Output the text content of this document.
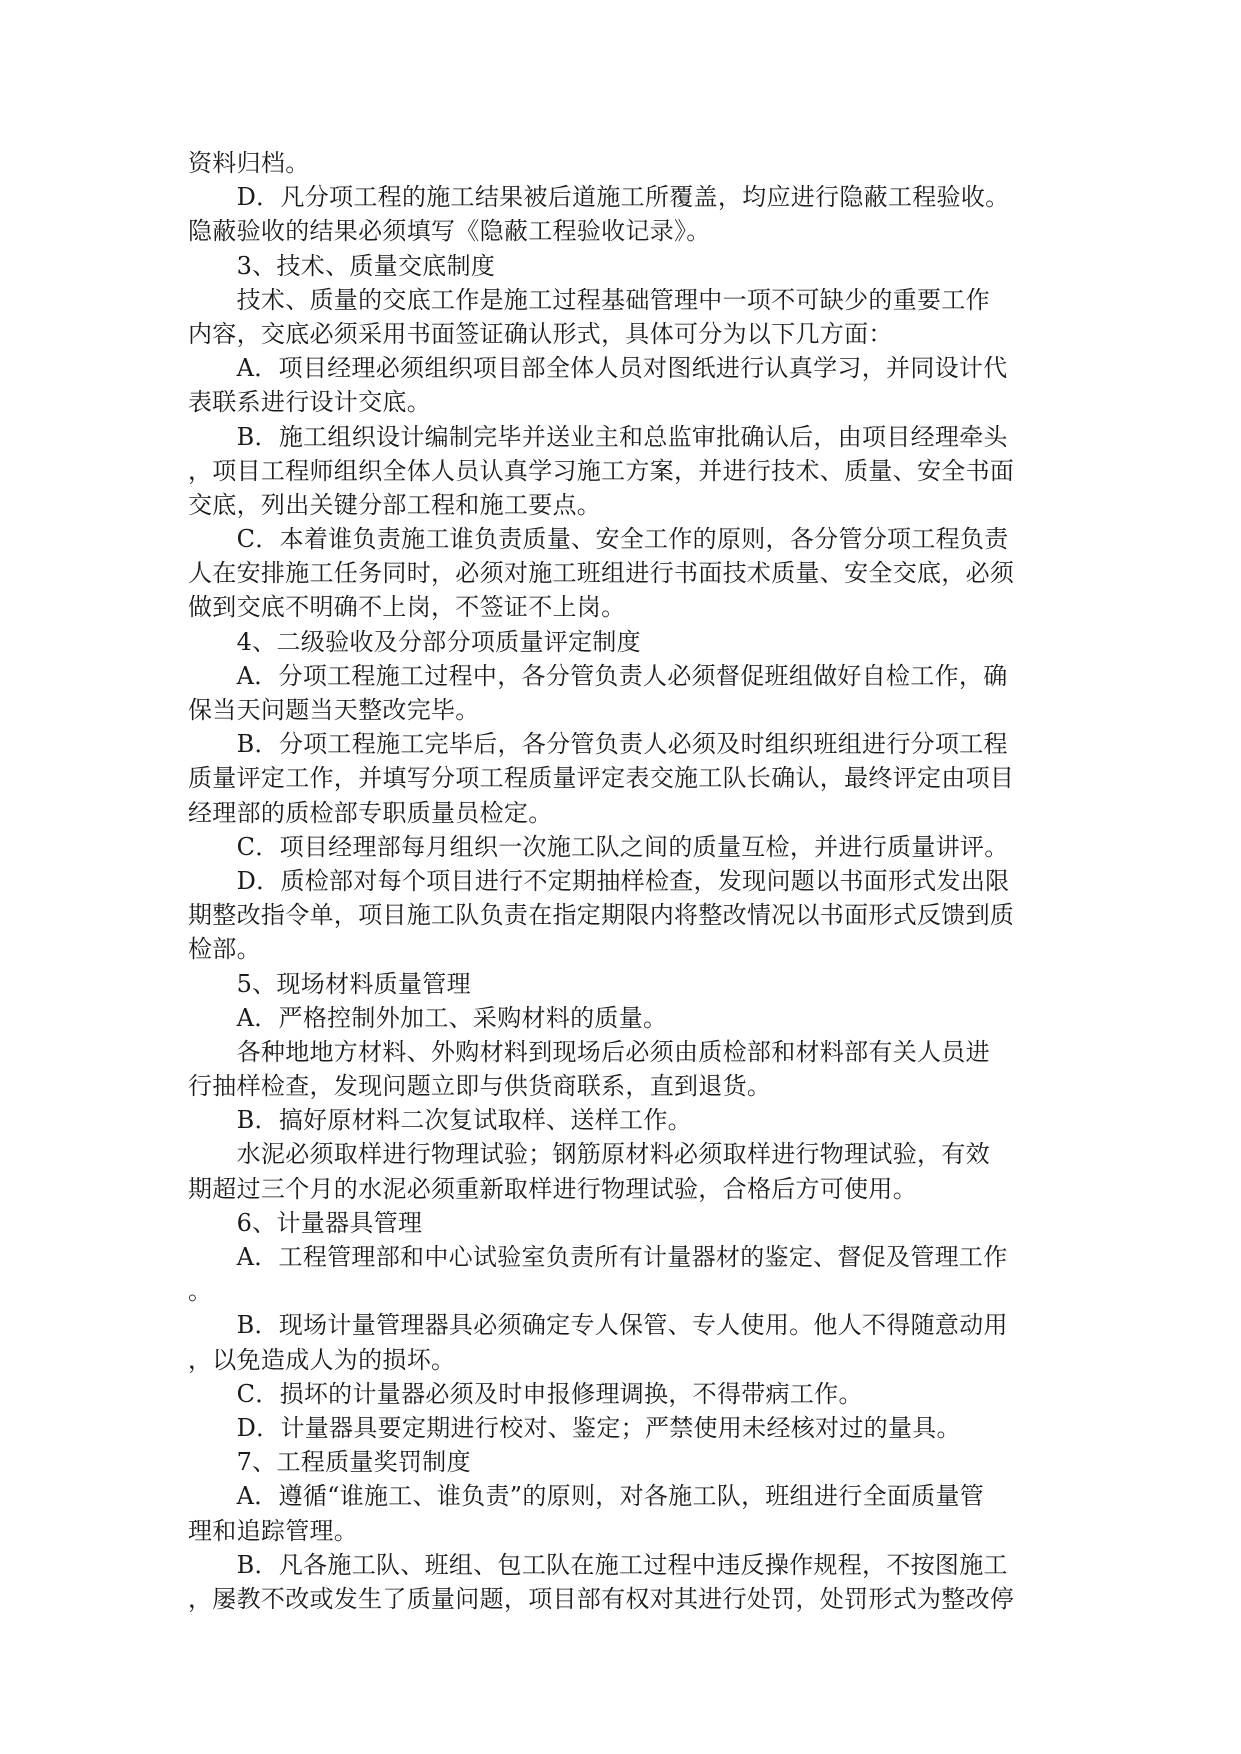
资料归档。
　　D．凡分项工程的施工结果被后道施工所覆盖，均应进行隐蔽工程验收。
隐蔽验收的结果必须填写《隐蔽工程验收记录》。
　　3、技术、质量交底制度
　　技术、质量的交底工作是施工过程基础管理中一项不可缺少的重要工作
内容，交底必须采用书面签证确认形式，具体可分为以下几方面：
　　A．项目经理必须组织项目部全体人员对图纸进行认真学习，并同设计代
表联系进行设计交底。
　　B．施工组织设计编制完毕并送业主和总监审批确认后，由项目经理牵头
，项目工程师组织全体人员认真学习施工方案，并进行技术、质量、安全书面
交底，列出关键分部工程和施工要点。
　　C．本着谁负责施工谁负责质量、安全工作的原则，各分管分项工程负责
人在安排施工任务同时，必须对施工班组进行书面技术质量、安全交底，必须
做到交底不明确不上岗，不签证不上岗。
　　4、二级验收及分部分项质量评定制度
　　A．分项工程施工过程中，各分管负责人必须督促班组做好自检工作，确
保当天问题当天整改完毕。
　　B．分项工程施工完毕后，各分管负责人必须及时组织班组进行分项工程
质量评定工作，并填写分项工程质量评定表交施工队长确认，最终评定由项目
经理部的质检部专职质量员检定。
　　C．项目经理部每月组织一次施工队之间的质量互检，并进行质量讲评。
　　D．质检部对每个项目进行不定期抽样检查，发现问题以书面形式发出限
期整改指令单，项目施工队负责在指定期限内将整改情况以书面形式反馈到质
检部。
　　5、现场材料质量管理
　　A．严格控制外加工、采购材料的质量。
　　各种地地方材料、外购材料到现场后必须由质检部和材料部有关人员进
行抽样检查，发现问题立即与供货商联系，直到退货。
　　B．搞好原材料二次复试取样、送样工作。
　　水泥必须取样进行物理试验；钢筋原材料必须取样进行物理试验，有效
期超过三个月的水泥必须重新取样进行物理试验，合格后方可使用。
　　6、计量器具管理
　　A．工程管理部和中心试验室负责所有计量器材的鉴定、督促及管理工作
。
　　B．现场计量管理器具必须确定专人保管、专人使用。他人不得随意动用
，以免造成人为的损坏。
　　C．损坏的计量器必须及时申报修理调换，不得带病工作。
　　D．计量器具要定期进行校对、鉴定；严禁使用未经核对过的量具。
　　7、工程质量奖罚制度
　　A．遵循“谁施工、谁负责”的原则，对各施工队，班组进行全面质量管
理和追踪管理。
　　B．凡各施工队、班组、包工队在施工过程中违反操作规程，不按图施工
，屡教不改或发生了质量问题，项目部有权对其进行处罚，处罚形式为整改停
